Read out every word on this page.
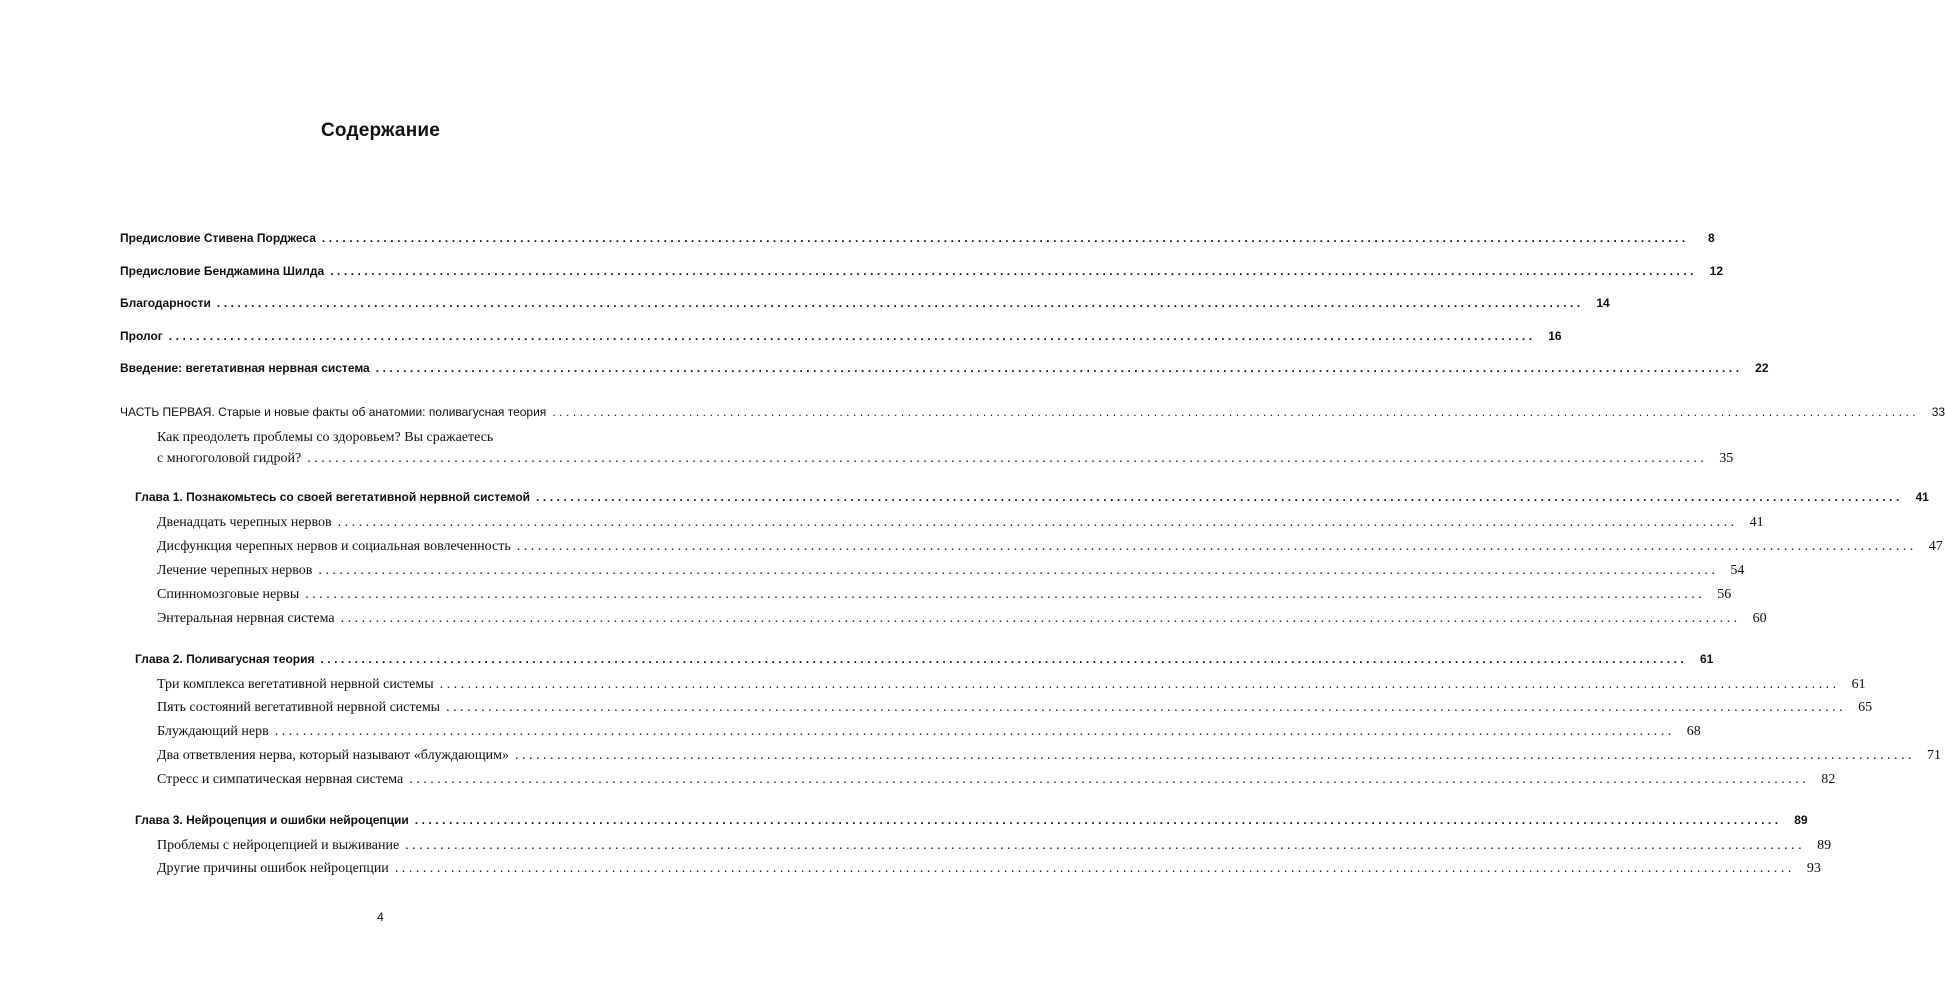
Содержание
Предисловие Стивена Порджеса ........................................................................................................................................................................................................	8
Предисловие Бенджамина Шилда ........................................................................................................................................................................................................	12
Благодарности ........................................................................................................................................................................................................	14
Пролог ........................................................................................................................................................................................................	16
Введение: вегетативная нервная система ........................................................................................................................................................................................................	22
ЧАСТЬ ПЕРВАЯ. Старые и новые факты об анатомии: поливагусная теория ........................................................................................................................................................................................................	33
Как преодолеть проблемы со здоровьем? Вы сражаетесь
с многоголовой гидрой? ........................................................................................................................................................................................................ 35
Глава 1. Познакомьтесь со своей вегетативной нервной системой ........................................................................................................................................................................................................	41
Двенадцать черепных нервов ........................................................................................................................................................................................................ 41
Дисфункция черепных нервов и социальная вовлеченность ........................................................................................................................................................................................................ 47
Лечение черепных нервов ........................................................................................................................................................................................................ 54
Спинномозговые нервы ........................................................................................................................................................................................................ 56
Энтеральная нервная система ........................................................................................................................................................................................................ 60
Глава 2. Поливагусная теория ........................................................................................................................................................................................................	61
Три комплекса вегетативной нервной системы ........................................................................................................................................................................................................ 61
Пять состояний вегетативной нервной системы ........................................................................................................................................................................................................ 65
Блуждающий нерв ........................................................................................................................................................................................................ 68
Два ответвления нерва, который называют «блуждающим» ........................................................................................................................................................................................................ 71
Стресс и симпатическая нервная система ........................................................................................................................................................................................................ 82
Глава 3. Нейроцепция и ошибки нейроцепции ........................................................................................................................................................................................................	89
Проблемы с нейроцепцией и выживание ........................................................................................................................................................................................................ 89
Другие причины ошибок нейроцепции ........................................................................................................................................................................................................ 93
4
